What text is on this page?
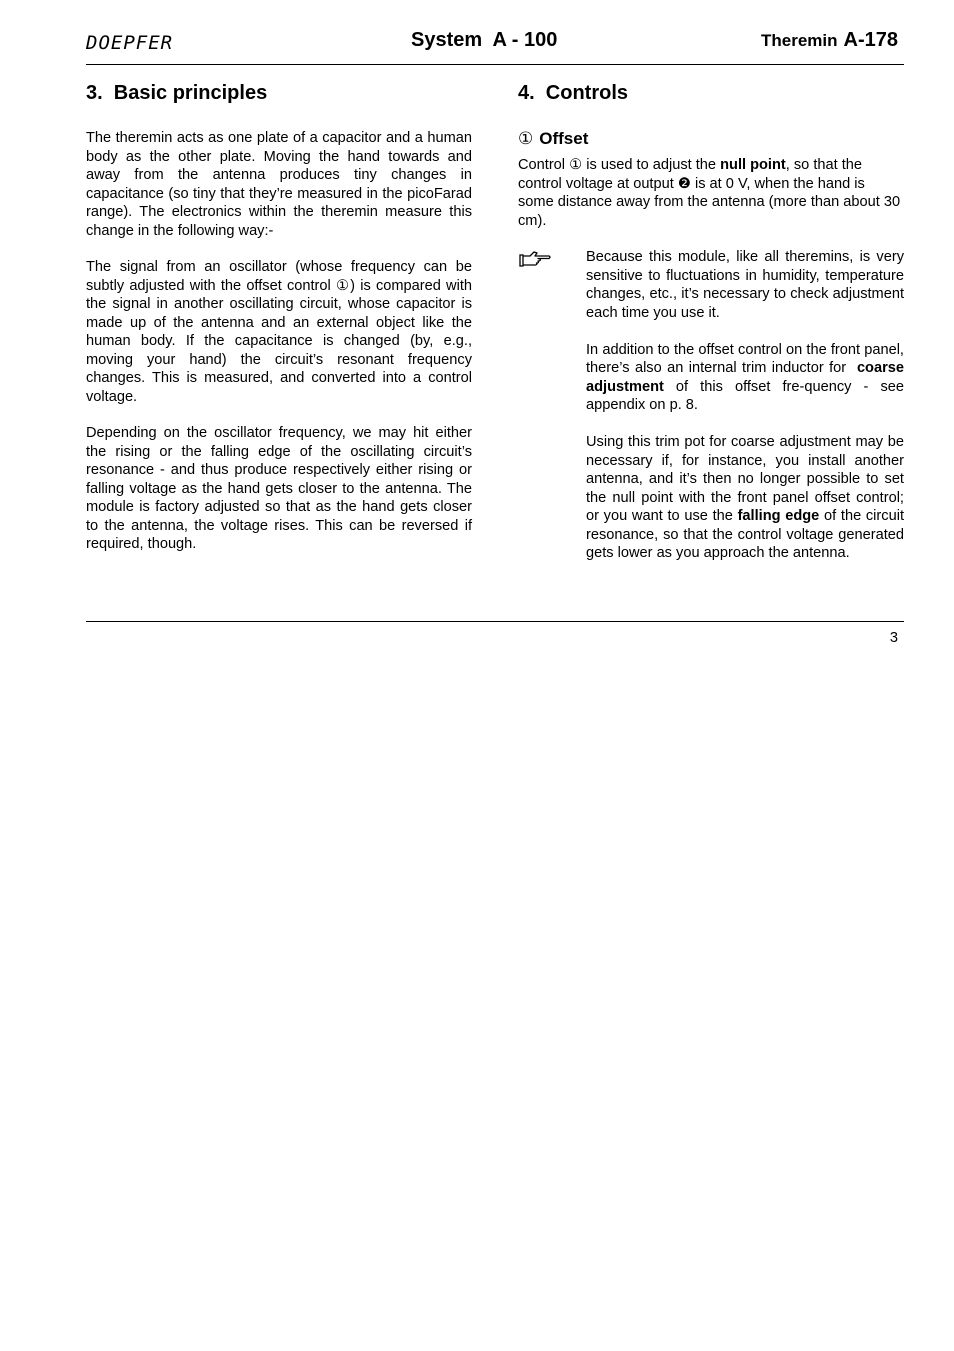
DOEPFER	System  A - 100	Theremin A-178
3.  Basic principles

The theremin acts as one plate of a capacitor and a human body as the other plate. Moving the hand towards and away from the antenna produces tiny changes in capacitance (so tiny that they’re measured in the picoFarad range). The electronics within the theremin measure this change in the following way:-

The signal from an oscillator (whose frequency can be subtly adjusted with the offset control ①) is compared with the signal in another oscillating circuit, whose capacitor is made up of the antenna and an external object like the human body. If the capacitance is changed (by, e.g., moving your hand) the circuit’s resonant frequency changes. This is measured, and converted into a control voltage.

Depending on the oscillator frequency, we may hit either the rising or the falling edge of the oscillating circuit’s resonance - and thus produce respectively either rising or falling voltage as the hand gets closer to the antenna. The module is factory adjusted so that as the hand gets closer to the antenna, the voltage rises. This can be reversed if required, though.

4.  Controls
① Offset

Control ① is used to adjust the null point, so that the control voltage at output ❷ is at 0 V, when the hand is some distance away from the antenna (more than about 30 cm).

Because this module, like all theremins, is very sensitive to fluctuations in humidity, temperature changes, etc., it’s necessary to check adjustment each time you use it.

In addition to the offset control on the front panel, there’s also an internal trim inductor for  coarse adjustment of this offset fre-quency - see appendix on p. 8.

Using this trim pot for coarse adjustment may be necessary if, for instance, you install another antenna, and it’s then no longer possible to set the null point with the front panel offset control; or you want to use the falling edge of the circuit resonance, so that the control voltage generated gets lower as you approach the antenna.

3
